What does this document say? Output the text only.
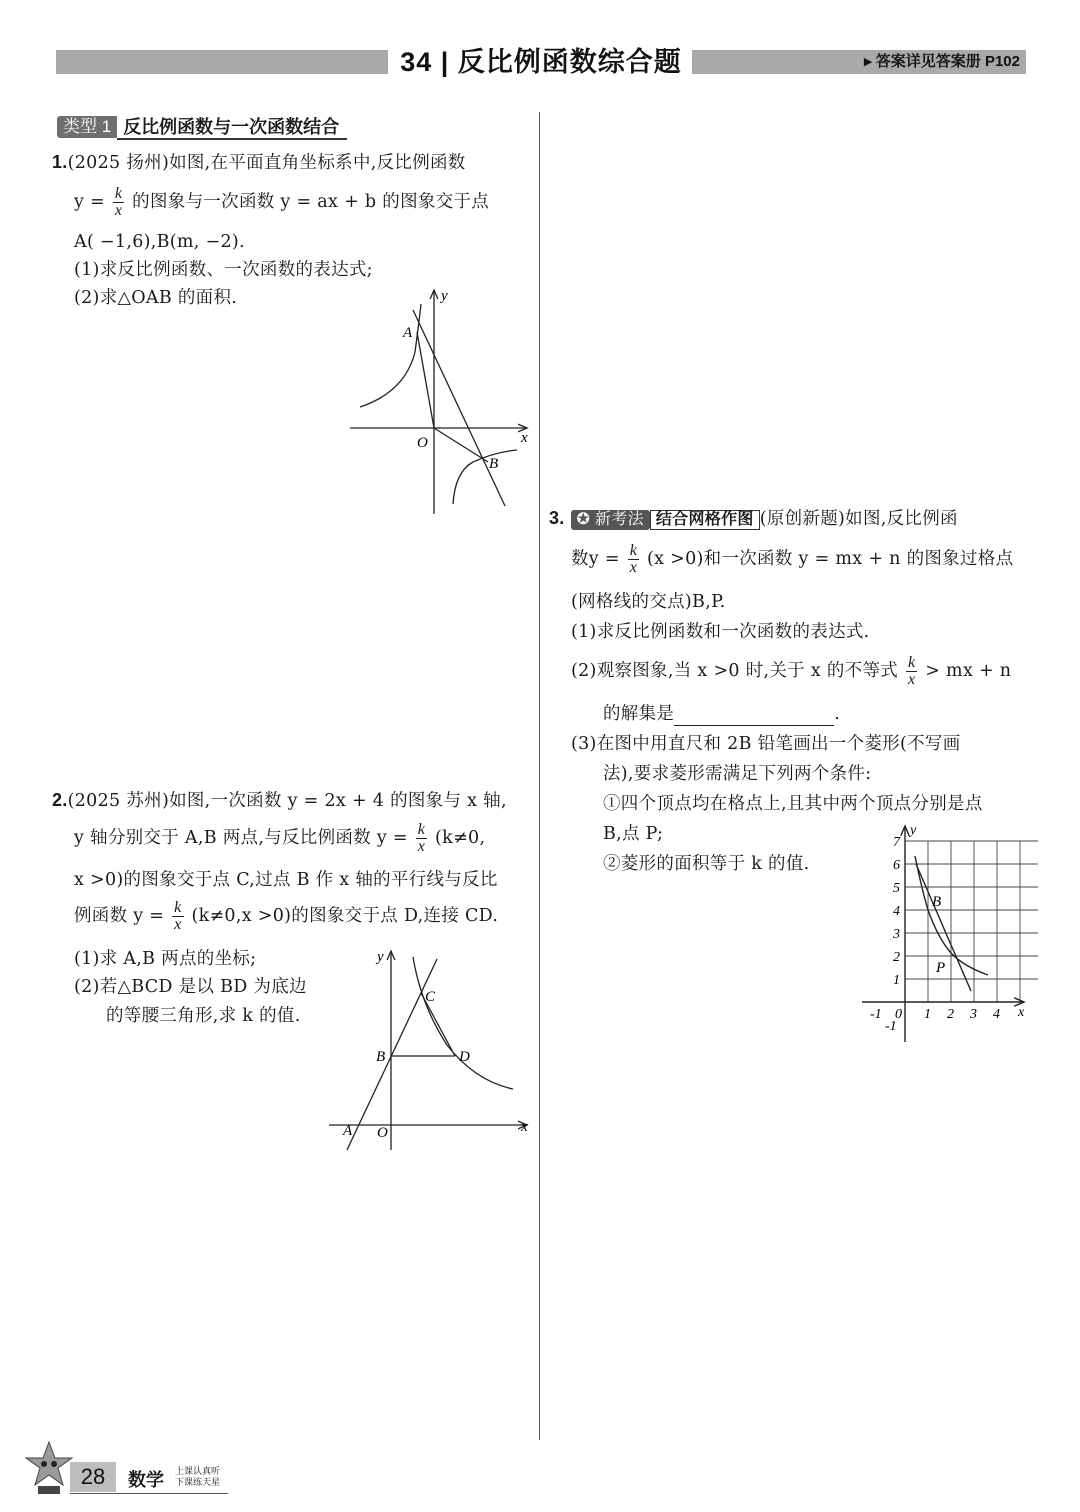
34 | 反比例函数综合题	▸ 答案详见答案册 P102
类型 1 反比例函数与一次函数结合
1.(2025 扬州)如图,在平面直角坐标系中,反比例函数
$y = \frac{k}{x}$ 的图象与一次函数 y = ax + b 的图象交于点
A( −1,6),B(m, −2).
(1)求反比例函数、一次函数的表达式;
(2)求△OAB 的面积.	y
x
O
A
B
2.(2025 苏州)如图,一次函数 y = 2x + 4 的图象与 x 轴,
y 轴分别交于 A,B 两点,与反比例函数 $y = \frac{k}{x} (k\ne 0$,
x >0)的图象交于点 C,过点 B 作 x 轴的平行线与反比
例函数 $y = \frac{k}{x} (k\ne 0,x >0)$的图象交于点 D,连接 CD.
(1)求 A,B 两点的坐标;
(2)若△BCD 是以 BD 为底边
的等腰三角形,求 k 的值.
y
x
O
A
B
C
D
3. ✪ 新考法 结合网格作图 (原创新题)如图,反比例函
数$y = \frac{k}{x} (x >0)$和一次函数 y = mx + n 的图象过格点
(网格线的交点)B,P.
(1)求反比例函数和一次函数的表达式.
(2)观察图象,当 x >0 时,关于 x 的不等式 $\frac{k}{x}$ > mx + n
的解集是	.
(3)在图中用直尺和 2B 铅笔画出一个菱形(不写画
法),要求菱形需满足下列两个条件:
①四个顶点均在格点上,且其中两个顶点分别是点
B,点 P;
②菱形的面积等于 k 的值.
-1 0 1 2 3 4
7
6
5
4
3
2
1
-1
y
x
B
P
28	数学 上课认真听
下课练天星
